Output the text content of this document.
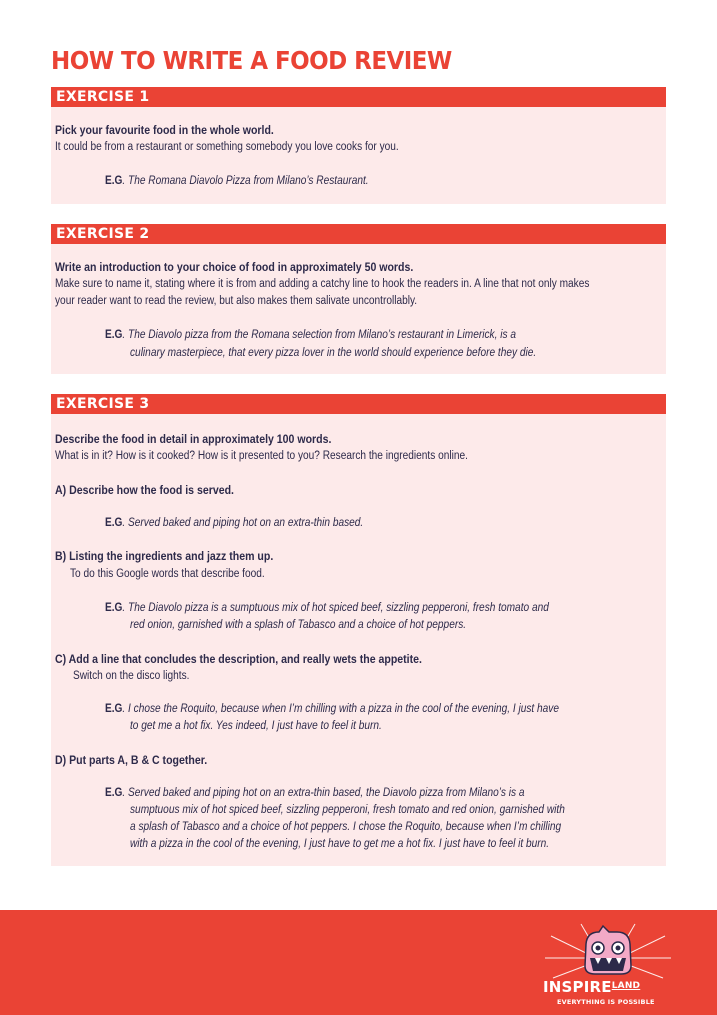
HOW TO WRITE A FOOD REVIEW
EXERCISE 1
Pick your favourite food in the whole world.
It could be from a restaurant or something somebody you love cooks for you.
E.G. The Romana Diavolo Pizza from Milano’s Restaurant.
EXERCISE 2
Write an introduction to your choice of food in approximately 50 words.
Make sure to name it, stating where it is from and adding a catchy line to hook the readers in. A line that not only makes
your reader want to read the review, but also makes them salivate uncontrollably.
E.G. The Diavolo pizza from the Romana selection from Milano’s restaurant in Limerick, is a
culinary masterpiece, that every pizza lover in the world should experience before they die.
EXERCISE 3
Describe the food in detail in approximately 100 words.
What is in it? How is it cooked? How is it presented to you? Research the ingredients online.
A) Describe how the food is served.
E.G. Served baked and piping hot on an extra-thin based.
B) Listing the ingredients and jazz them up.
To do this Google words that describe food.
E.G. The Diavolo pizza is a sumptuous mix of hot spiced beef, sizzling pepperoni, fresh tomato and
red onion, garnished with a splash of Tabasco and a choice of hot peppers.
C) Add a line that concludes the description, and really wets the appetite.
Switch on the disco lights.
E.G. I chose the Roquito, because when I’m chilling with a pizza in the cool of the evening, I just have
to get me a hot fix. Yes indeed, I just have to feel it burn.
D) Put parts A, B & C together.
E.G. Served baked and piping hot on an extra-thin based, the Diavolo pizza from Milano’s is a
sumptuous mix of hot spiced beef, sizzling pepperoni, fresh tomato and red onion, garnished with
a splash of Tabasco and a choice of hot peppers. I chose the Roquito, because when I’m chilling
with a pizza in the cool of the evening, I just have to get me a hot fix. I just have to feel it burn.
$INSPIRE^{LAND}$
EVERYTHING IS POSSIBLE
